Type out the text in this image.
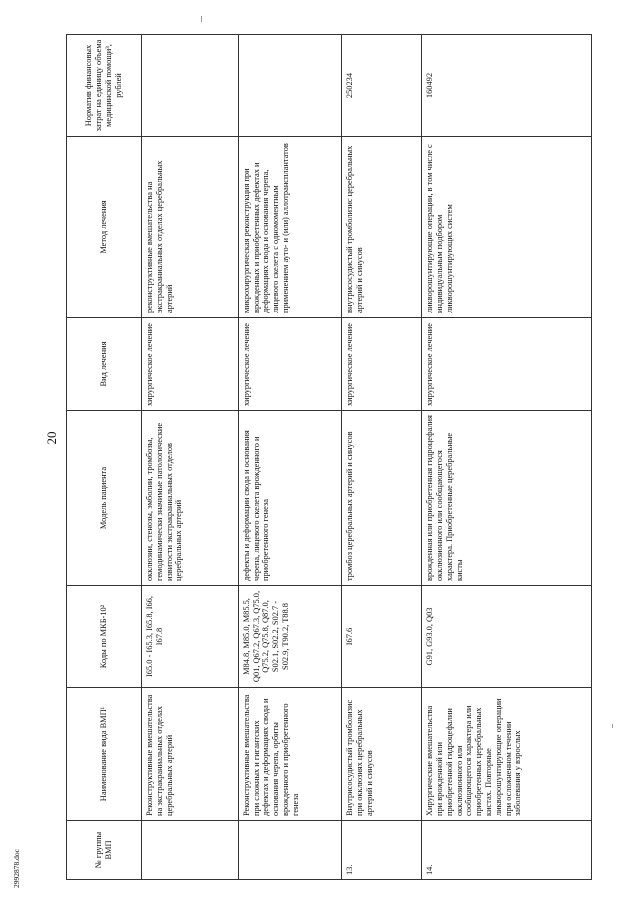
20
№ группы ВМП	Наименование вида ВМП¹	Коды по МКБ-10²	Модель пациента	Вид лечения	Метод лечения	Норматив финансовых затрат на единицу объема медицинской помощи³, рублей
	Реконструктивные вмешательства на экстракраниальных отделах церебральных артерий	I65.0 - I65.3, I65.8, I66, I67.8	окклюзии, стенозы, эмболии, тромбозы, гемодинамически значимые патологические извитости экстракраниальных отделов церебральных артерий	хирургическое лечение	реконструктивные вмешательства на экстракраниальных отделах церебральных артерий	
	Реконструктивные вмешательства при сложных и гигантских дефектах и деформациях свода и основания черепа, орбиты врожденного и приобретенного генеза	M84.8, M85.0, M85.5, Q01, Q67.2, Q67.3, Q75.0, Q75.2, Q75.8, Q87.0, S02.1, S02.2, S02.7 - S02.9, T90.2, T88.8	дефекты и деформации свода и основания черепа, лицевого скелета врожденного и приобретенного генеза	хирургическое лечение	микрохирургическая реконструкция при врожденных и приобретенных дефектах и деформациях свода и основания черепа, лицевого скелета с одномоментным применением ауто- и (или) аллотрансплантатов	
13.	Внутрисосудистый тромболизис при окклюзиях церебральных артерий и синусов	I67.6	тромбоз церебральных артерий и синусов	хирургическое лечение	внутрисосудистый тромболизис церебральных артерий и синусов	250234
14.	Хирургические вмешательства при врожденной или приобретенной гидроцефалии окклюзионного или сообщающегося характера или приобретенных церебральных кистах. Повторные ликворошунтирующие операции при осложненном течении заболевания у взрослых	G91, G93.0, Q03	врожденная или приобретенная гидроцефалия окклюзионного или сообщающегося характера. Приобретенные церебральные кисты	хирургическое лечение	ликворошунтирующие операции, в том числе с индивидуальным подбором ликворошунтирующих систем	160492
2992878.doc
